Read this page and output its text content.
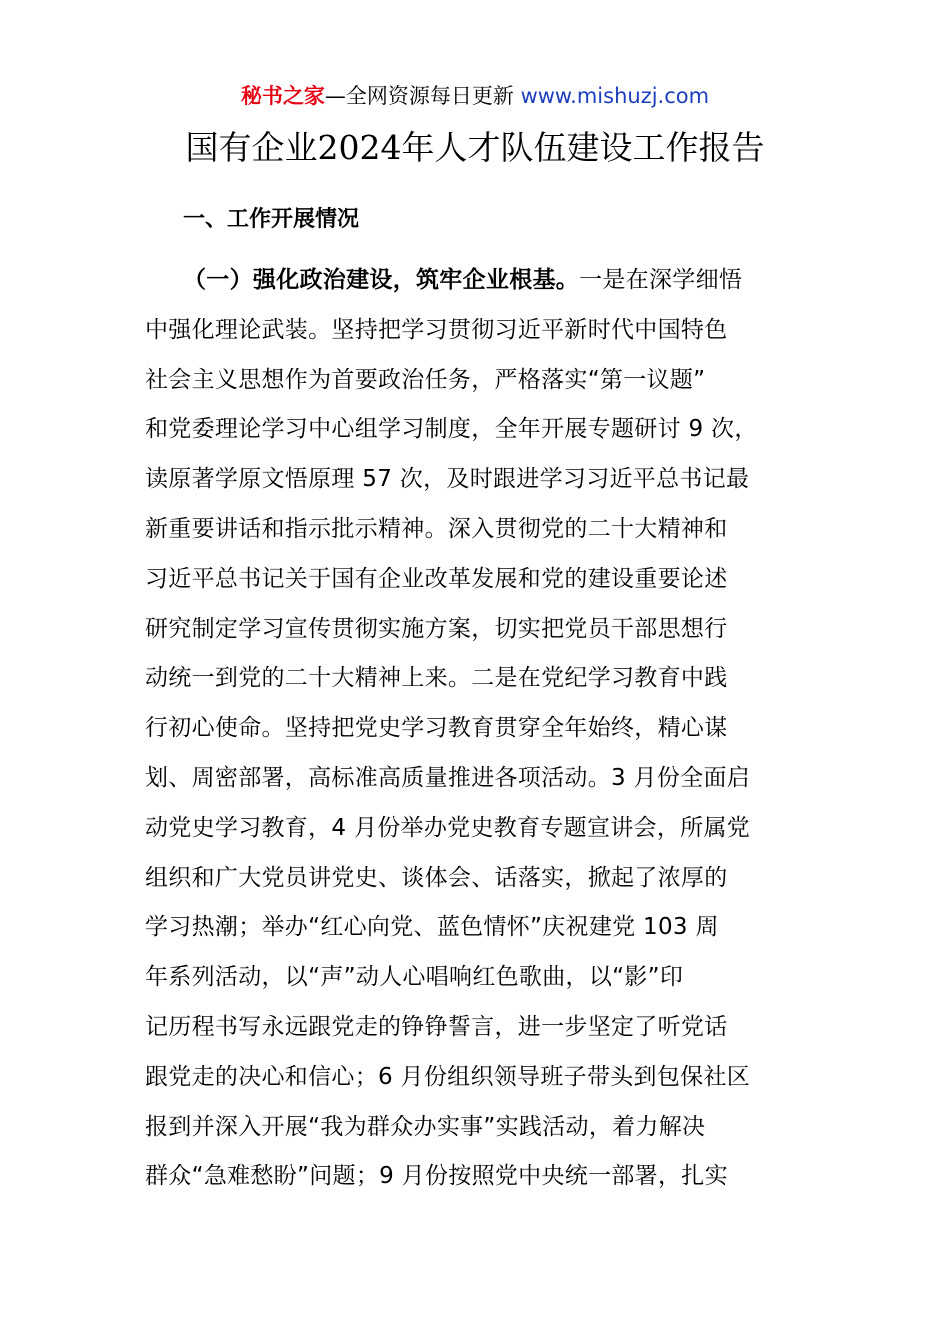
秘书之家—全网资源每日更新 www.mishuzj.com
国有企业2024年人才队伍建设工作报告
一、工作开展情况
（一）强化政治建设，筑牢企业根基。一是在深学细悟
中强化理论武装。坚持把学习贯彻习近平新时代中国特色
社会主义思想作为首要政治任务，严格落实“第一议题”
和党委理论学习中心组学习制度，全年开展专题研讨 9 次，
读原著学原文悟原理 57 次，及时跟进学习习近平总书记最
新重要讲话和指示批示精神。深入贯彻党的二十大精神和
习近平总书记关于国有企业改革发展和党的建设重要论述
研究制定学习宣传贯彻实施方案，切实把党员干部思想行
动统一到党的二十大精神上来。二是在党纪学习教育中践
行初心使命。坚持把党史学习教育贯穿全年始终，精心谋
划、周密部署，高标准高质量推进各项活动。3 月份全面启
动党史学习教育，4 月份举办党史教育专题宣讲会，所属党
组织和广大党员讲党史、谈体会、话落实，掀起了浓厚的
学习热潮；举办“红心向党、蓝色情怀”庆祝建党 103 周
年系列活动，以“声”动人心唱响红色歌曲，以“影”印
记历程书写永远跟党走的铮铮誓言，进一步坚定了听党话
跟党走的决心和信心；6 月份组织领导班子带头到包保社区
报到并深入开展“我为群众办实事”实践活动，着力解决
群众“急难愁盼”问题；9 月份按照党中央统一部署，扎实
